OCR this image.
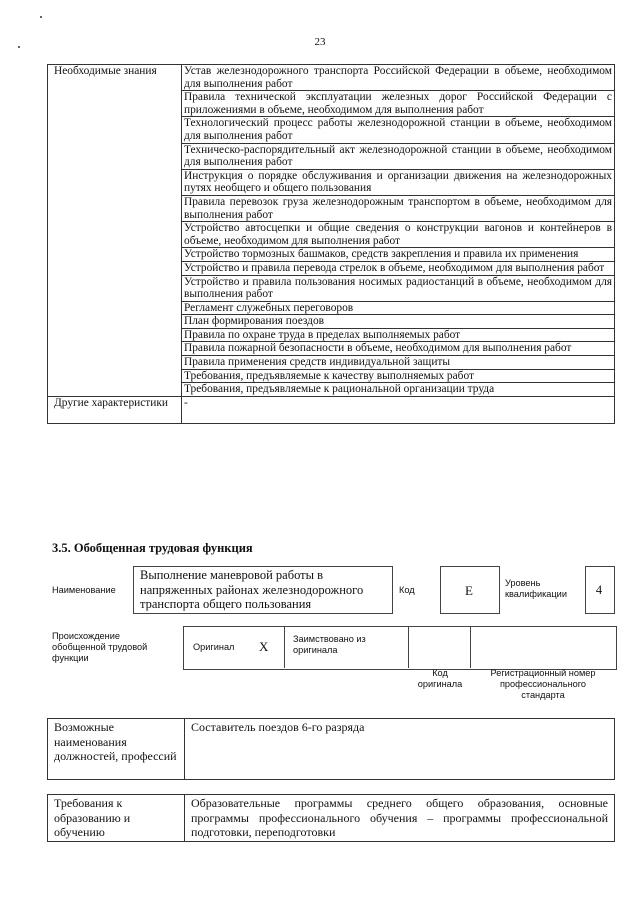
23
Необходимые знания	Устав железнодорожного транспорта Российской Федерации в объеме, необходимом для выполнения работ
	Правила технической эксплуатации железных дорог Российской Федерации с приложениями в объеме, необходимом для выполнения работ
	Технологический процесс работы железнодорожной станции в объеме, необходимом для выполнения работ
	Техническо-распорядительный акт железнодорожной станции в объеме, необходимом для выполнения работ
	Инструкция о порядке обслуживания и организации движения на железнодорожных путях необщего и общего пользования
	Правила перевозок груза железнодорожным транспортом в объеме, необходимом для выполнения работ
	Устройство автосцепки и общие сведения о конструкции вагонов и контейнеров в объеме, необходимом для выполнения работ
	Устройство тормозных башмаков, средств закрепления и правила их применения
	Устройство и правила перевода стрелок в объеме, необходимом для выполнения работ
	Устройство и правила пользования носимых радиостанций в объеме, необходимом для выполнения работ
	Регламент служебных переговоров
	План формирования поездов
	Правила по охране труда в пределах выполняемых работ
	Правила пожарной безопасности в объеме, необходимом для выполнения работ
	Правила применения средств индивидуальной защиты
	Требования, предъявляемые к качеству выполняемых работ
	Требования, предъявляемые к рациональной организации труда
Другие характеристики	-
3.5. Обобщенная трудовая функция
Наименование
Выполнение маневровой работы в напряженных районах железнодорожного транспорта общего пользования
Код	E	Уровень квалификации	4
Происхождение обобщенной трудовой функции
Оригинал X	Заимствовано из оригинала
Код оригинала
Регистрационный номер профессионального стандарта
Возможные наименования должностей, профессий	Составитель поездов 6-го разряда
Требования к образованию и обучению	Образовательные программы среднего общего образования, основные программы профессионального обучения – программы профессиональной подготовки, переподготовки
